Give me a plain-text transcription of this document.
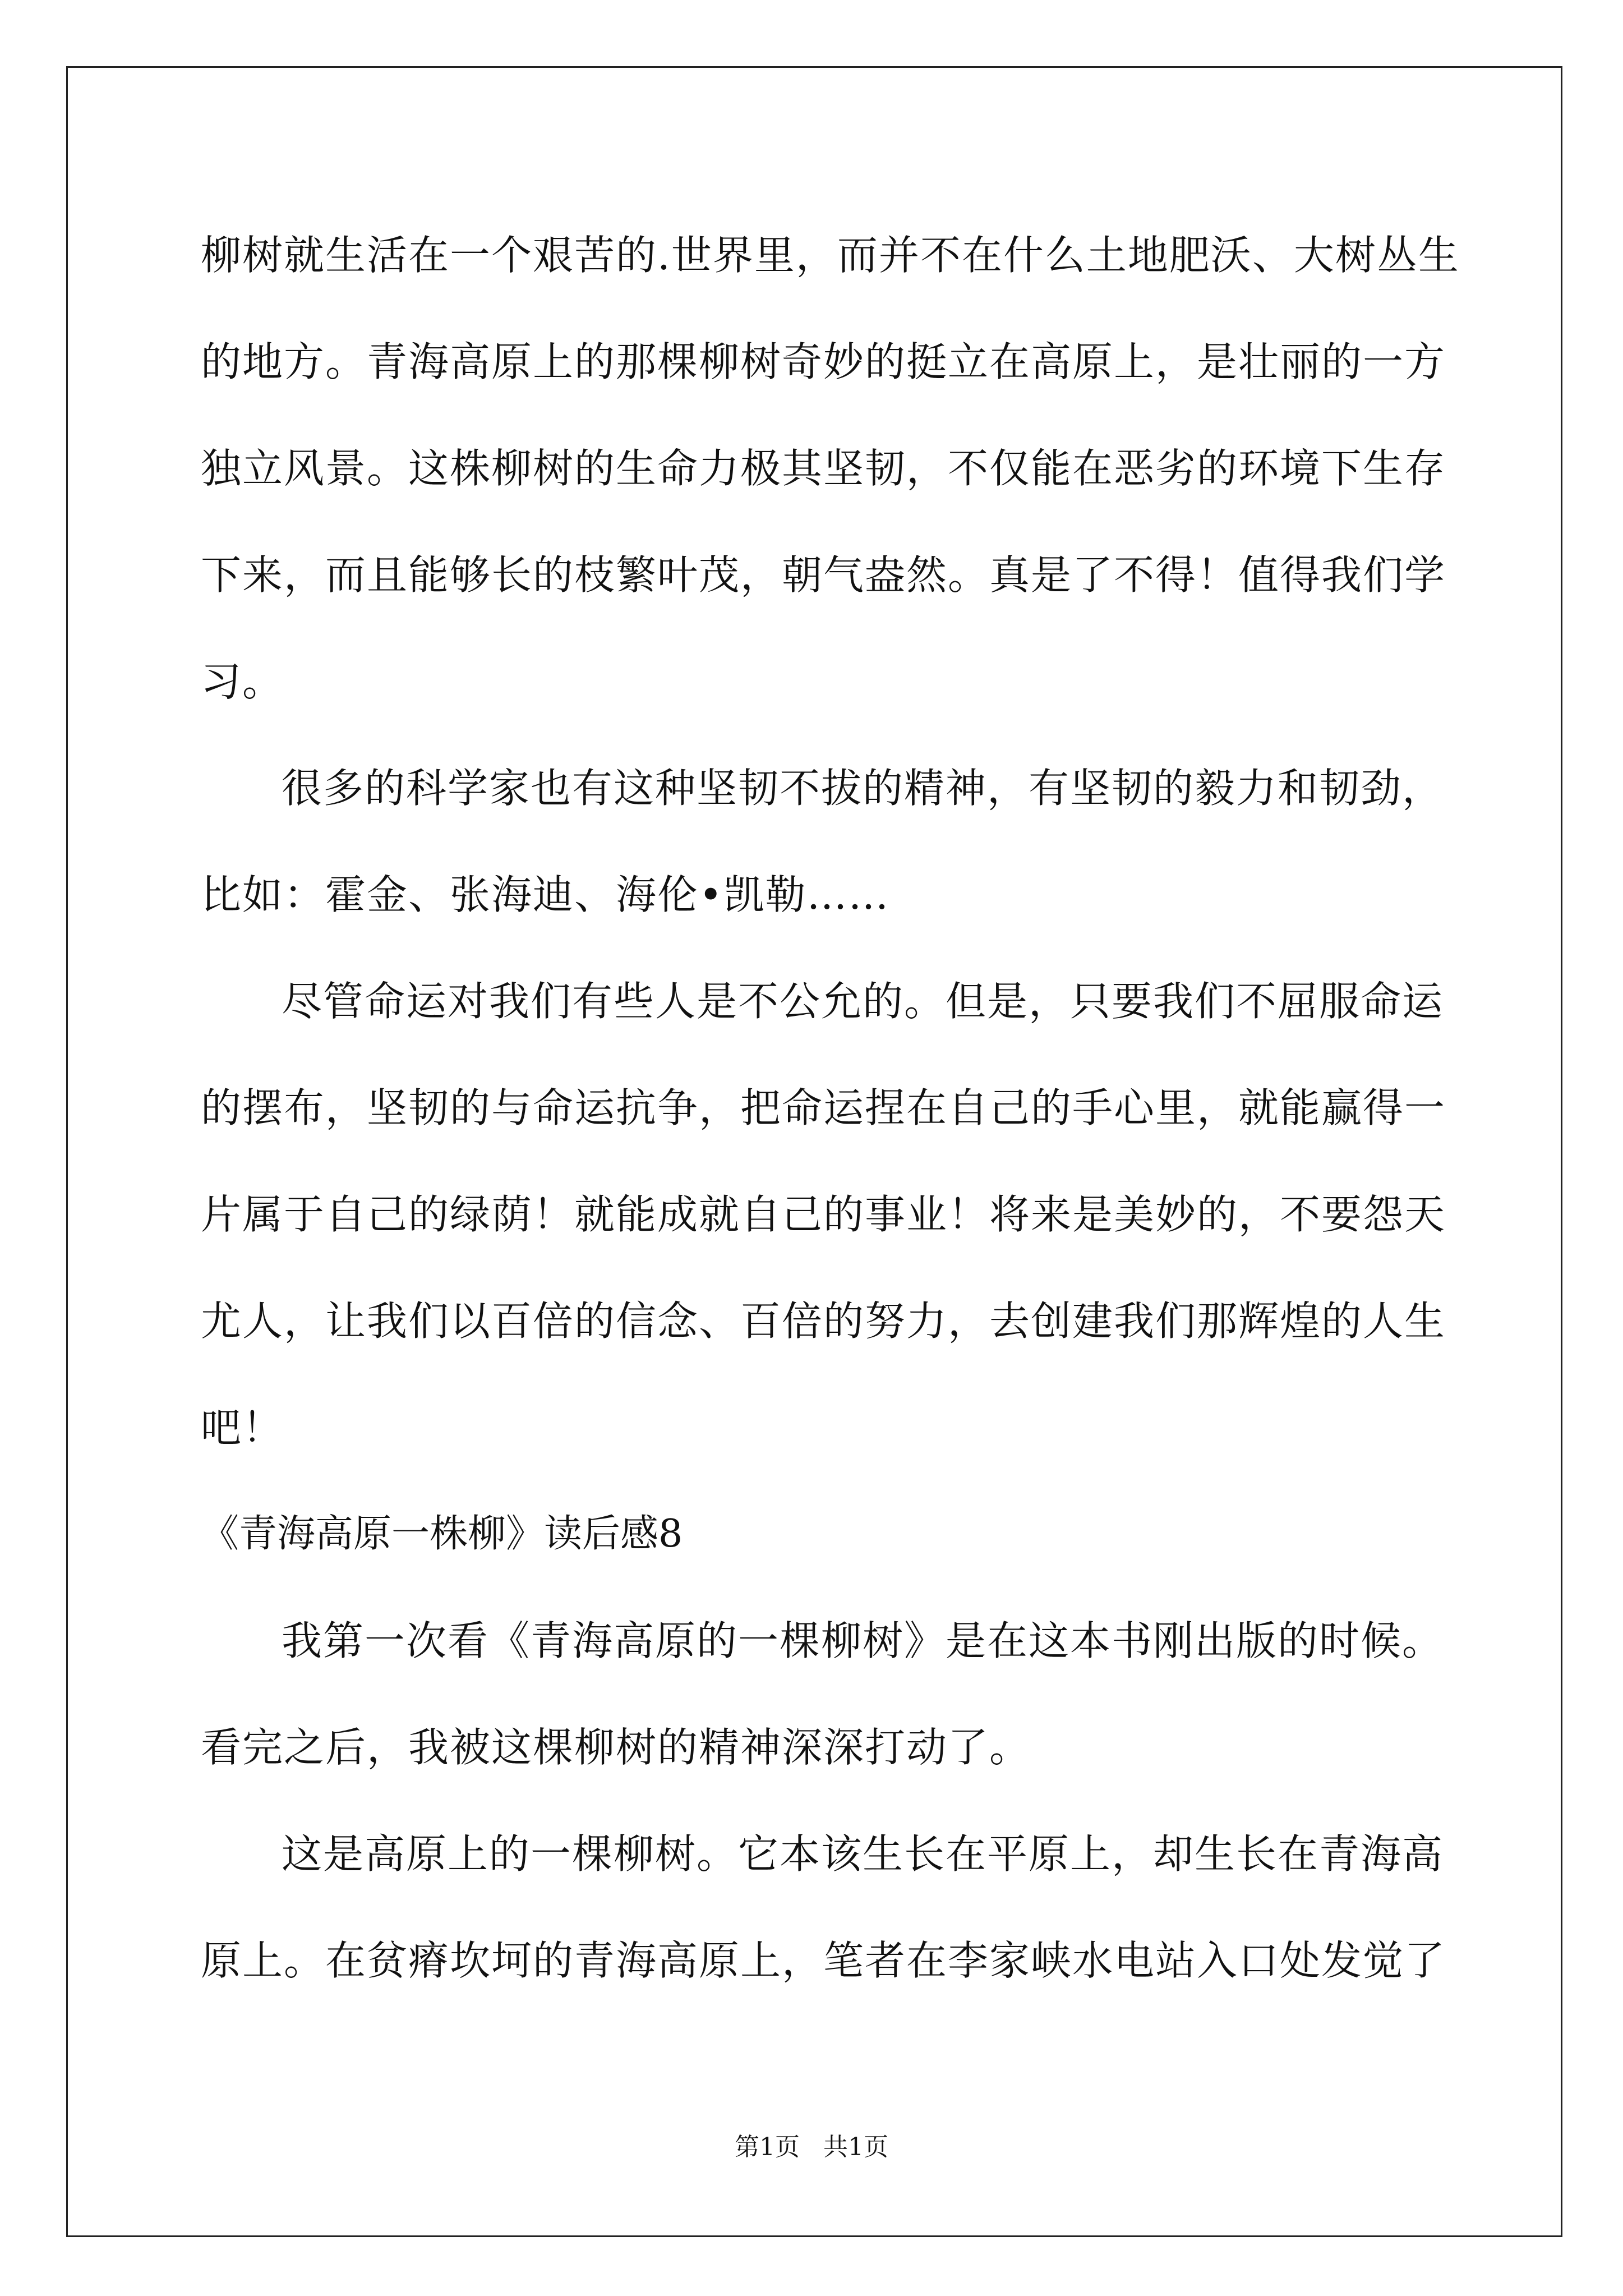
柳树就生活在一个艰苦的.世界里，而并不在什么土地肥沃、大树丛生
的地方。青海高原上的那棵柳树奇妙的挺立在高原上，是壮丽的一方
独立风景。这株柳树的生命力极其坚韧，不仅能在恶劣的环境下生存
下来，而且能够长的枝繁叶茂，朝气盎然。真是了不得！值得我们学
习。
很多的科学家也有这种坚韧不拔的精神，有坚韧的毅力和韧劲，
比如：霍金、张海迪、海伦•凯勒……
尽管命运对我们有些人是不公允的。但是，只要我们不屈服命运
的摆布，坚韧的与命运抗争，把命运捏在自己的手心里，就能赢得一
片属于自己的绿荫！就能成就自己的事业！将来是美妙的，不要怨天
尤人，让我们以百倍的信念、百倍的努力，去创建我们那辉煌的人生
吧！
《青海高原一株柳》读后感8
我第一次看《青海高原的一棵柳树》是在这本书刚出版的时候。
看完之后，我被这棵柳树的精神深深打动了。
这是高原上的一棵柳树。它本该生长在平原上，却生长在青海高
原上。在贫瘠坎坷的青海高原上，笔者在李家峡水电站入口处发觉了
第1页   共1页
